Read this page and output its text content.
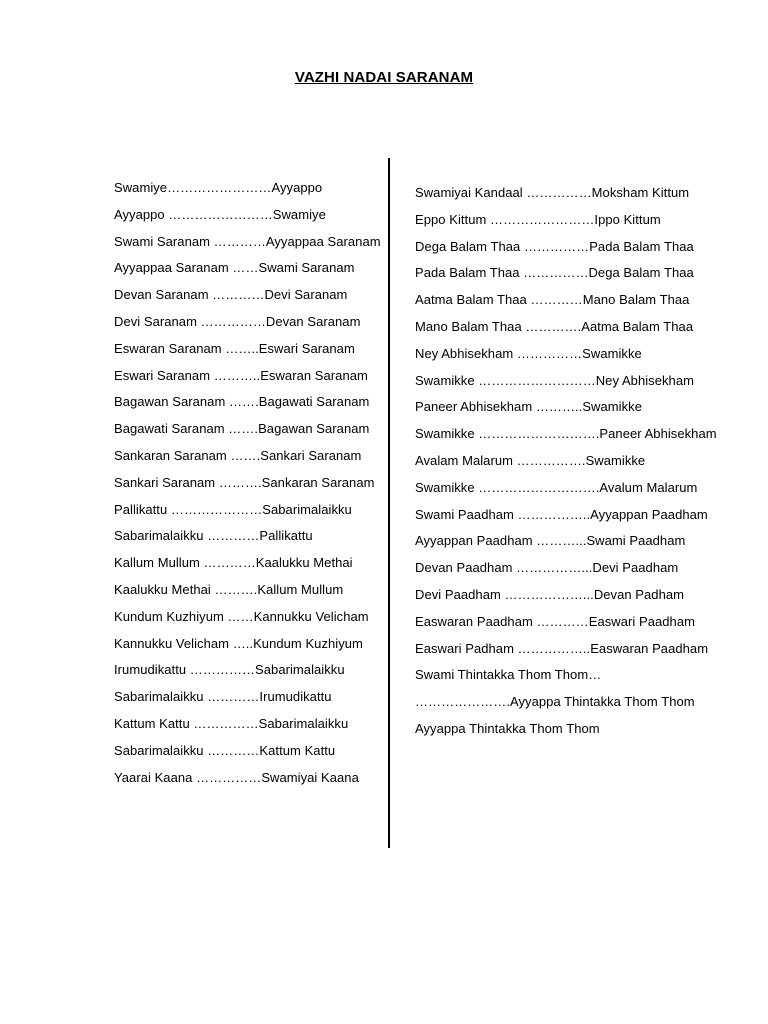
VAZHI NADAI SARANAM
Swamiye……………………Ayyappo
Ayyappo ……………………Swamiye
Swami Saranam …………Ayyappaa Saranam
Ayyappaa Saranam ……Swami Saranam
Devan Saranam …………Devi Saranam
Devi Saranam ……………Devan Saranam
Eswaran Saranam ……..Eswari Saranam
Eswari Saranam ………..Eswaran Saranam
Bagawan Saranam …….Bagawati Saranam
Bagawati Saranam …….Bagawan Saranam
Sankaran Saranam …….Sankari Saranam
Sankari Saranam ……….Sankaran Saranam
Pallikattu …………………Sabarimalaikku
Sabarimalaikku …………Pallikattu
Kallum Mullum …………Kaalukku Methai
Kaalukku Methai ……….Kallum Mullum
Kundum Kuzhiyum ……Kannukku Velicham
Kannukku Velicham …..Kundum Kuzhiyum
Irumudikattu ……………Sabarimalaikku
Sabarimalaikku …………Irumudikattu
Kattum Kattu ……………Sabarimalaikku
Sabarimalaikku …………Kattum Kattu
Yaarai Kaana ……………Swamiyai Kaana
Swamiyai Kandaal ……………Moksham Kittum
Eppo Kittum ……………………Ippo Kittum
Dega Balam Thaa ……………Pada Balam Thaa
Pada Balam Thaa ……………Dega Balam Thaa
Aatma Balam Thaa …………Mano Balam Thaa
Mano Balam Thaa ………….Aatma Balam Thaa
Ney Abhisekham ……………Swamikke
Swamikke ………………………Ney Abhisekham
Paneer Abhisekham ………..Swamikke
Swamikke ……………………….Paneer Abhisekham
Avalam Malarum …………….Swamikke
Swamikke ……………………….Avalum Malarum
Swami Paadham ……………..Ayyappan Paadham
Ayyappan Paadham ………...Swami Paadham
Devan Paadham ……………...Devi Paadham
Devi Paadham ………………...Devan Padham
Easwaran Paadham …………Easwari Paadham
Easwari Padham ……………..Easwaran Paadham
Swami Thintakka Thom Thom…
………………….Ayyappa Thintakka Thom Thom
Ayyappa Thintakka Thom Thom
